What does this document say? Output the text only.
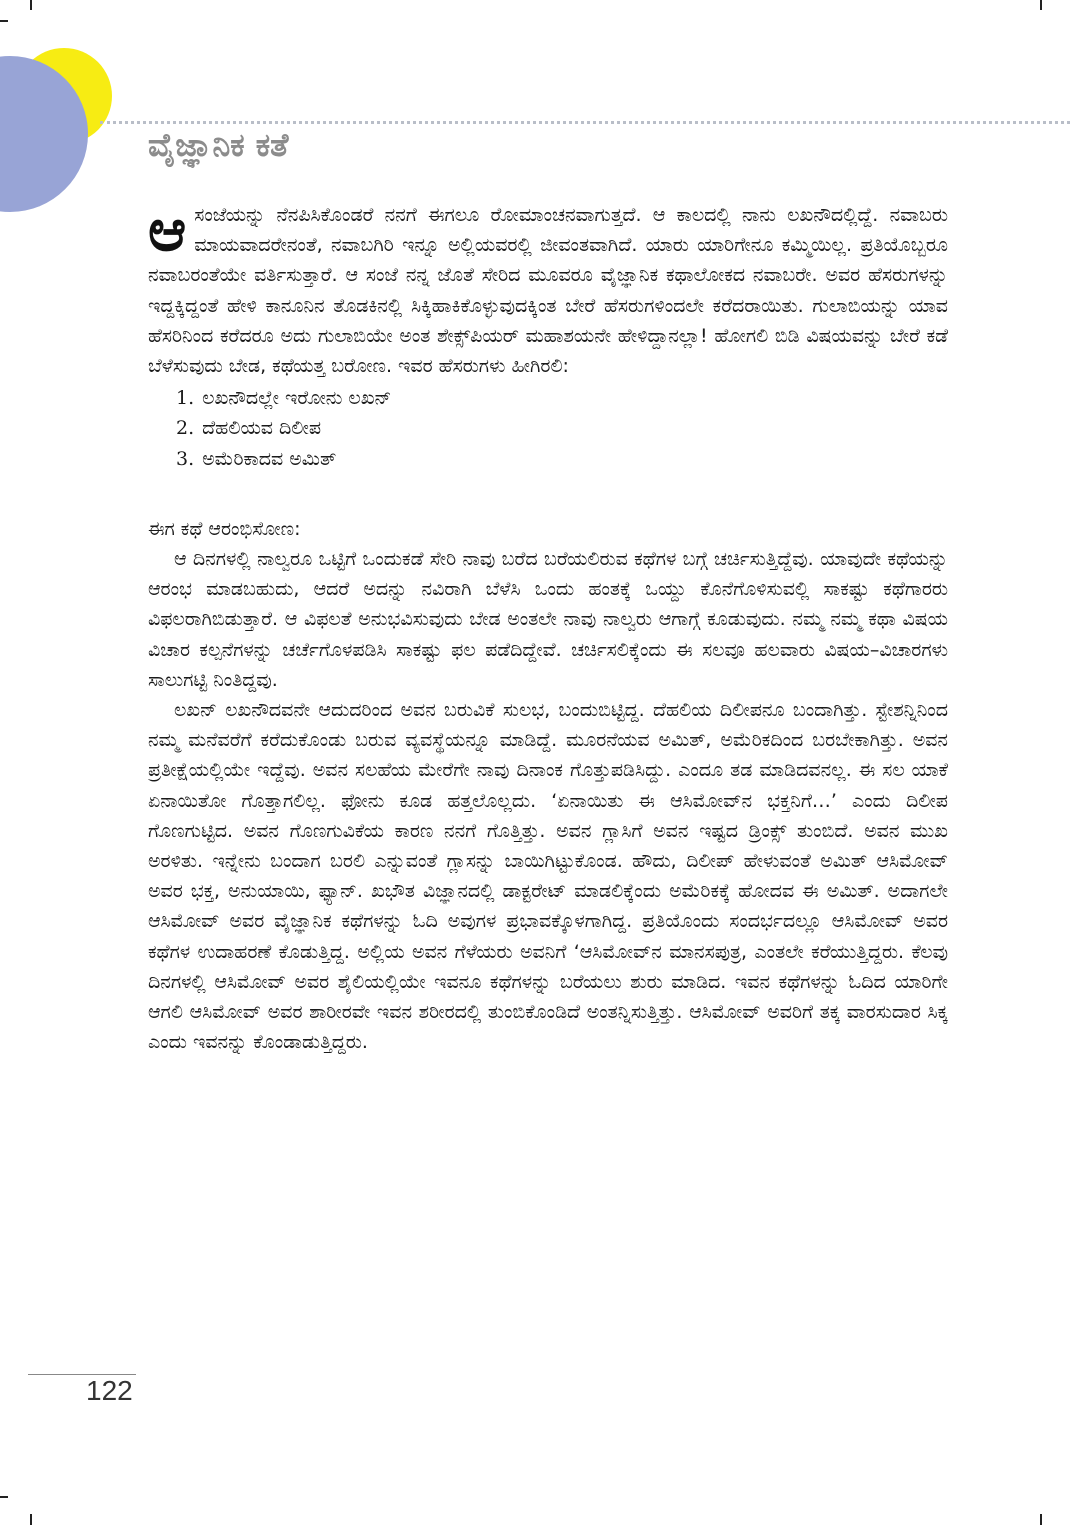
ವೈಜ್ಞಾನಿಕ ಕತೆ

ಆ ಸಂಜೆಯನ್ನು ನೆನಪಿಸಿಕೊಂಡರೆ ನನಗೆ ಈಗಲೂ ರೋಮಾಂಚನವಾಗುತ್ತದೆ. ಆ ಕಾಲದಲ್ಲಿ ನಾನು ಲಖನೌದಲ್ಲಿದ್ದೆ. ನವಾಬರು ಮಾಯವಾದರೇನಂತೆ, ನವಾಬಗಿರಿ ಇನ್ನೂ ಅಲ್ಲಿಯವರಲ್ಲಿ ಜೀವಂತವಾಗಿದೆ. ಯಾರು ಯಾರಿಗೇನೂ ಕಮ್ಮಿಯಿಲ್ಲ. ಪ್ರತಿಯೊಬ್ಬರೂ ನವಾಬರಂತೆಯೇ ವರ್ತಿಸುತ್ತಾರೆ. ಆ ಸಂಜೆ ನನ್ನ ಜೊತೆ ಸೇರಿದ ಮೂವರೂ ವೈಜ್ಞಾನಿಕ ಕಥಾಲೋಕದ ನವಾಬರೇ. ಅವರ ಹೆಸರುಗಳನ್ನು ಇದ್ದಕ್ಕಿದ್ದಂತೆ ಹೇಳಿ ಕಾನೂನಿನ ತೊಡಕಿನಲ್ಲಿ ಸಿಕ್ಕಿಹಾಕಿಕೊಳ್ಳುವುದಕ್ಕಿಂತ ಬೇರೆ ಹೆಸರುಗಳಿಂದಲೇ ಕರೆದರಾಯಿತು. ಗುಲಾಬಿಯನ್ನು ಯಾವ ಹೆಸರಿನಿಂದ ಕರೆದರೂ ಅದು ಗುಲಾಬಿಯೇ ಅಂತ ಶೇಕ್ಸ್‌ಪಿಯರ್ ಮಹಾಶಯನೇ ಹೇಳಿದ್ದಾನಲ್ಲಾ! ಹೋಗಲಿ ಬಿಡಿ ವಿಷಯವನ್ನು ಬೇರೆ ಕಡೆ ಬೆಳೆಸುವುದು ಬೇಡ, ಕಥೆಯತ್ತ ಬರೋಣ. ಇವರ ಹೆಸರುಗಳು ಹೀಗಿರಲಿ:

1. ಲಖನೌದಲ್ಲೇ ಇರೋನು ಲಖನ್
2. ದೆಹಲಿಯವ ದಿಲೀಪ
3. ಅಮೆರಿಕಾದವ ಅಮಿತ್

ಈಗ ಕಥೆ ಆರಂಭಿಸೋಣ:

ಆ ದಿನಗಳಲ್ಲಿ ನಾಲ್ವರೂ ಒಟ್ಟಿಗೆ ಒಂದುಕಡೆ ಸೇರಿ ನಾವು ಬರೆದ ಬರೆಯಲಿರುವ ಕಥೆಗಳ ಬಗ್ಗೆ ಚರ್ಚಿಸುತ್ತಿದ್ದೆವು. ಯಾವುದೇ ಕಥೆಯನ್ನು ಆರಂಭ ಮಾಡಬಹುದು, ಆದರೆ ಅದನ್ನು ನವಿರಾಗಿ ಬೆಳೆಸಿ ಒಂದು ಹಂತಕ್ಕೆ ಒಯ್ದು ಕೊನೆಗೊಳಿಸುವಲ್ಲಿ ಸಾಕಷ್ಟು ಕಥೆಗಾರರು ವಿಫಲರಾಗಿಬಿಡುತ್ತಾರೆ. ಆ ವಿಫಲತೆ ಅನುಭವಿಸುವುದು ಬೇಡ ಅಂತಲೇ ನಾವು ನಾಲ್ವರು ಆಗಾಗ್ಗೆ ಕೂಡುವುದು. ನಮ್ಮ ನಮ್ಮ ಕಥಾ ವಿಷಯ ವಿಚಾರ ಕಲ್ಪನೆಗಳನ್ನು ಚರ್ಚೆಗೊಳಪಡಿಸಿ ಸಾಕಷ್ಟು ಫಲ ಪಡೆದಿದ್ದೇವೆ. ಚರ್ಚಿಸಲಿಕ್ಕೆಂದು ಈ ಸಲವೂ ಹಲವಾರು ವಿಷಯ–ವಿಚಾರಗಳು ಸಾಲುಗಟ್ಟಿ ನಿಂತಿದ್ದವು.

ಲಖನ್ ಲಖನೌದವನೇ ಆದುದರಿಂದ ಅವನ ಬರುವಿಕೆ ಸುಲಭ, ಬಂದುಬಿಟ್ಟಿದ್ದ. ದೆಹಲಿಯ ದಿಲೀಪನೂ ಬಂದಾಗಿತ್ತು. ಸ್ಟೇಶನ್ನಿನಿಂದ ನಮ್ಮ ಮನೆವರೆಗೆ ಕರೆದುಕೊಂಡು ಬರುವ ವ್ಯವಸ್ಥೆಯನ್ನೂ ಮಾಡಿದ್ದೆ. ಮೂರನೆಯವ ಅಮಿತ್, ಅಮೆರಿಕದಿಂದ ಬರಬೇಕಾಗಿತ್ತು. ಅವನ ಪ್ರತೀಕ್ಷೆಯಲ್ಲಿಯೇ ಇದ್ದೆವು. ಅವನ ಸಲಹೆಯ ಮೇರೆಗೇ ನಾವು ದಿನಾಂಕ ಗೊತ್ತುಪಡಿಸಿದ್ದು. ಎಂದೂ ತಡ ಮಾಡಿದವನಲ್ಲ. ಈ ಸಲ ಯಾಕೆ ಏನಾಯಿತೋ ಗೊತ್ತಾಗಲಿಲ್ಲ. ಫೋನು ಕೂಡ ಹತ್ತಲೊಲ್ಲದು. ‘ಏನಾಯಿತು ಈ ಆಸಿಮೋವ್‌ನ ಭಕ್ತನಿಗೆ…’ ಎಂದು ದಿಲೀಪ ಗೊಣಗುಟ್ಟಿದ. ಅವನ ಗೊಣಗುವಿಕೆಯ ಕಾರಣ ನನಗೆ ಗೊತ್ತಿತ್ತು. ಅವನ ಗ್ಲಾಸಿಗೆ ಅವನ ಇಷ್ಟದ ಡ್ರಿಂಕ್ಸ್ ತುಂಬಿದೆ. ಅವನ ಮುಖ ಅರಳಿತು. ಇನ್ನೇನು ಬಂದಾಗ ಬರಲಿ ಎನ್ನುವಂತೆ ಗ್ಲಾಸನ್ನು ಬಾಯಿಗಿಟ್ಟುಕೊಂಡ. ಹೌದು, ದಿಲೀಪ್ ಹೇಳುವಂತೆ ಅಮಿತ್ ಆಸಿಮೋವ್ ಅವರ ಭಕ್ತ, ಅನುಯಾಯಿ, ಫ್ಯಾನ್. ಖಭೌತ ವಿಜ್ಞಾನದಲ್ಲಿ ಡಾಕ್ಟರೇಟ್ ಮಾಡಲಿಕ್ಕೆಂದು ಅಮೆರಿಕಕ್ಕೆ ಹೋದವ ಈ ಅಮಿತ್. ಅದಾಗಲೇ ಆಸಿಮೋವ್ ಅವರ ವೈಜ್ಞಾನಿಕ ಕಥೆಗಳನ್ನು ಓದಿ ಅವುಗಳ ಪ್ರಭಾವಕ್ಕೊಳಗಾಗಿದ್ದ. ಪ್ರತಿಯೊಂದು ಸಂದರ್ಭದಲ್ಲೂ ಆಸಿಮೋವ್ ಅವರ ಕಥೆಗಳ ಉದಾಹರಣೆ ಕೊಡುತ್ತಿದ್ದ. ಅಲ್ಲಿಯ ಅವನ ಗೆಳೆಯರು ಅವನಿಗೆ ‘ಆಸಿಮೋವ್‌ನ ಮಾನಸಪುತ್ರ, ಎಂತಲೇ ಕರೆಯುತ್ತಿದ್ದರು. ಕೆಲವು ದಿನಗಳಲ್ಲಿ ಆಸಿಮೋವ್ ಅವರ ಶೈಲಿಯಲ್ಲಿಯೇ ಇವನೂ ಕಥೆಗಳನ್ನು ಬರೆಯಲು ಶುರು ಮಾಡಿದ. ಇವನ ಕಥೆಗಳನ್ನು ಓದಿದ ಯಾರಿಗೇ ಆಗಲಿ ಆಸಿಮೋವ್ ಅವರ ಶಾರೀರವೇ ಇವನ ಶರೀರದಲ್ಲಿ ತುಂಬಿಕೊಂಡಿದೆ ಅಂತನ್ನಿಸುತ್ತಿತ್ತು. ಆಸಿಮೋವ್ ಅವರಿಗೆ ತಕ್ಕ ವಾರಸುದಾರ ಸಿಕ್ಕ ಎಂದು ಇವನನ್ನು ಕೊಂಡಾಡುತ್ತಿದ್ದರು.

122
